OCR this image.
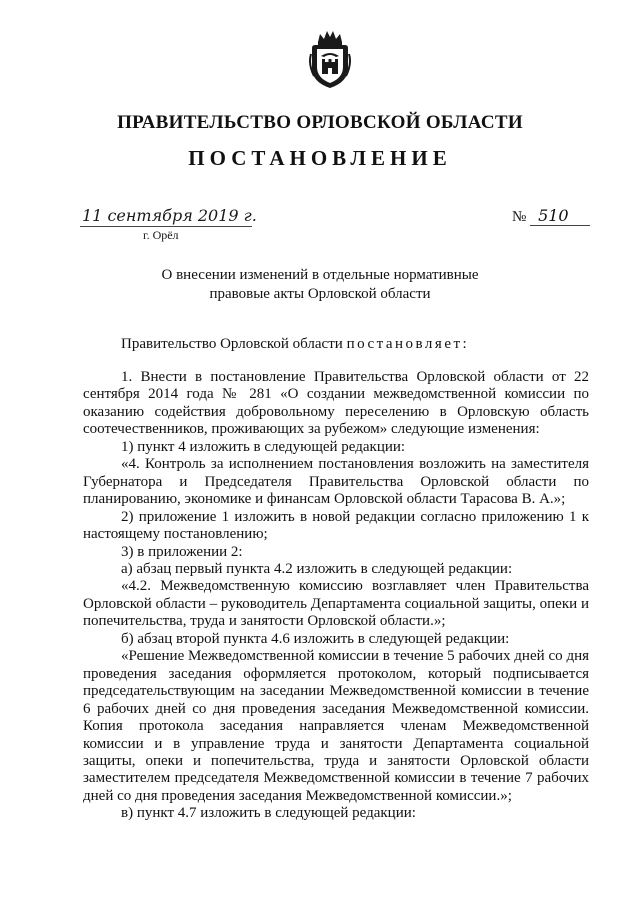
ПРАВИТЕЛЬСТВО ОРЛОВСКОЙ ОБЛАСТИ
ПОСТАНОВЛЕНИЕ
11 сентября 2019 г.
г. Орёл
№ 510
О внесении изменений в отдельные нормативные
правовые акты Орловской области
Правительство Орловской области постановляет:

1. Внести в постановление Правительства Орловской области от 22 сентября 2014 года № 281 «О создании межведомственной комиссии по оказанию содействия добровольному переселению в Орловскую область соотечественников, проживающих за рубежом» следующие изменения:

1) пункт 4 изложить в следующей редакции:

«4. Контроль за исполнением постановления возложить на заместителя Губернатора и Председателя Правительства Орловской области по планированию, экономике и финансам Орловской области Тарасова В. А.»;

2) приложение 1 изложить в новой редакции согласно приложению 1 к настоящему постановлению;

3) в приложении 2:

а) абзац первый пункта 4.2 изложить в следующей редакции:

«4.2. Межведомственную комиссию возглавляет член Правительства Орловской области – руководитель Департамента социальной защиты, опеки и попечительства, труда и занятости Орловской области.»;

б) абзац второй пункта 4.6 изложить в следующей редакции:

«Решение Межведомственной комиссии в течение 5 рабочих дней со дня проведения заседания оформляется протоколом, который подписывается председательствующим на заседании Межведомственной комиссии в течение 6 рабочих дней со дня проведения заседания Межведомственной комиссии. Копия протокола заседания направляется членам Межведомственной комиссии и в управление труда и занятости Департамента социальной защиты, опеки и попечительства, труда и занятости Орловской области заместителем председателя Межведомственной комиссии в течение 7 рабочих дней со дня проведения заседания Межведомственной комиссии.»;

в) пункт 4.7 изложить в следующей редакции:
